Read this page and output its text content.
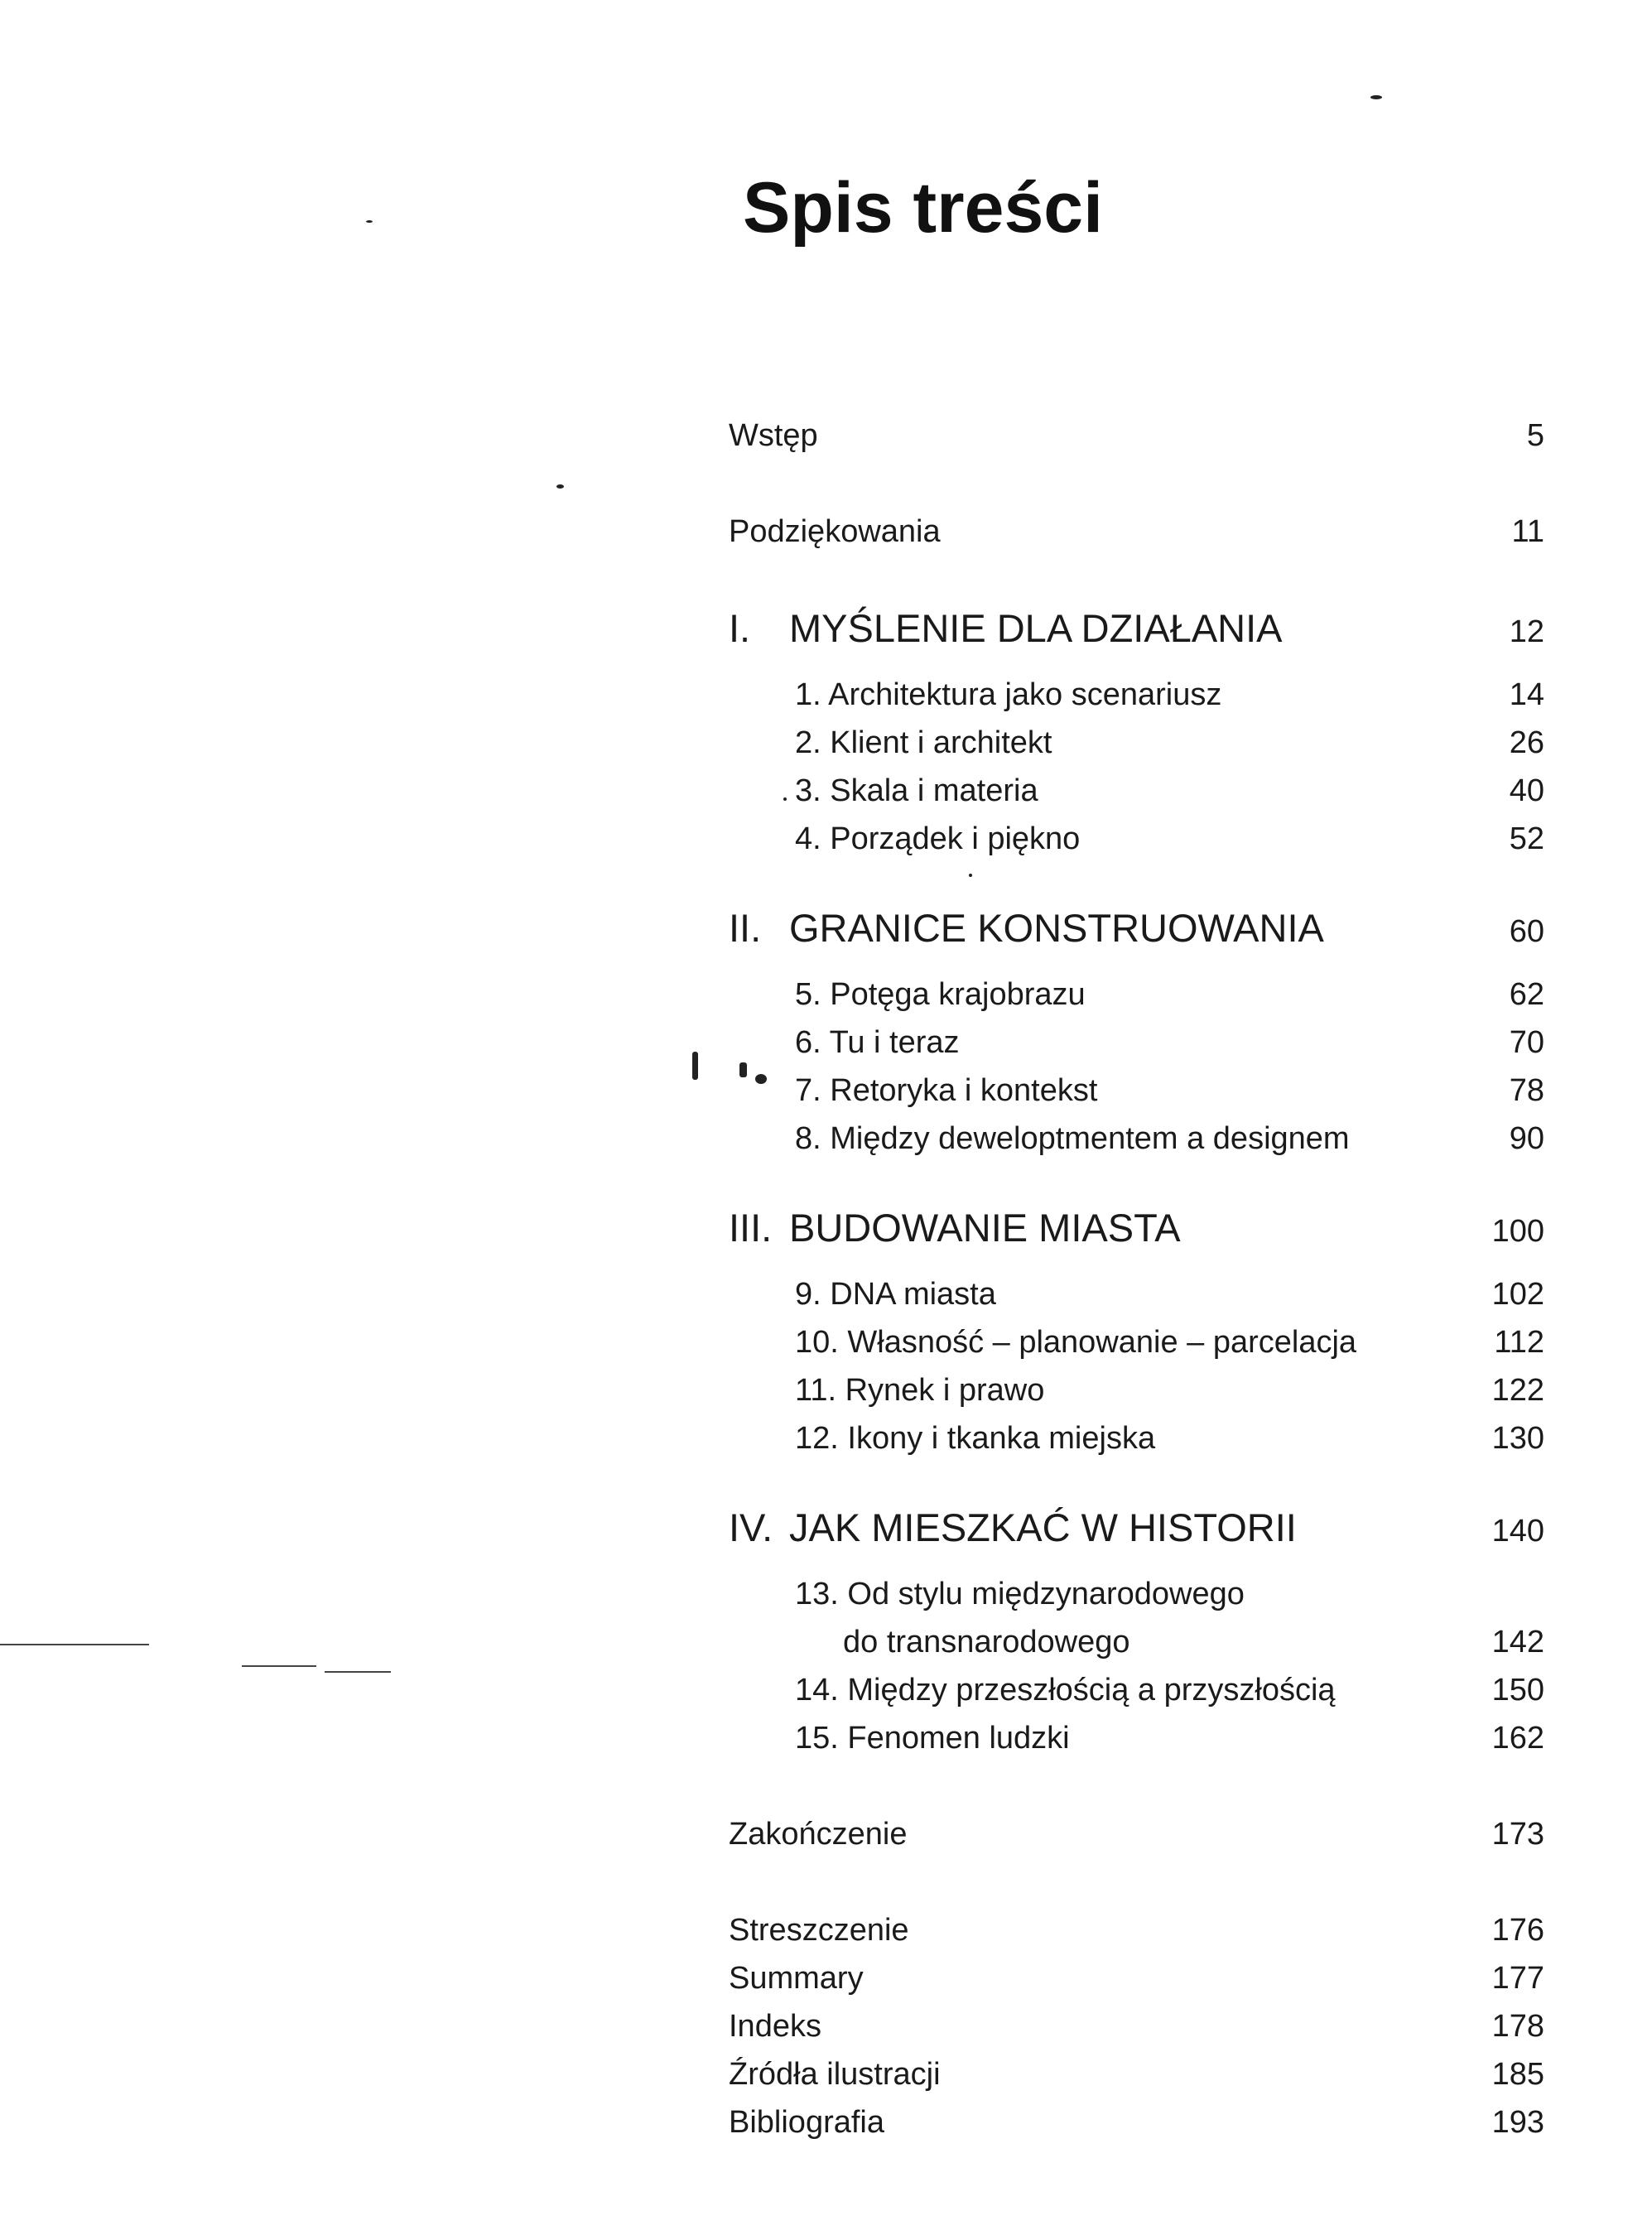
Spis treści
Wstęp	5
Podziękowania	11
I. MYŚLENIE DLA DZIAŁANIA	12
1. Architektura jako scenariusz	14
2. Klient i architekt	26
3. Skala i materia	40
4. Porządek i piękno	52
II. GRANICE KONSTRUOWANIA	60
5. Potęga krajobrazu	62
6. Tu i teraz	70
7. Retoryka i kontekst	78
8. Między deweloptmentem a designem	90
III. BUDOWANIE MIASTA	100
9. DNA miasta	102
10. Własność – planowanie – parcelacja	112
11. Rynek i prawo	122
12. Ikony i tkanka miejska	130
IV. JAK MIESZKAĆ W HISTORII	140
13. Od stylu międzynarodowego
do transnarodowego	142
14. Między przeszłością a przyszłością	150
15. Fenomen ludzki	162
Zakończenie	173
Streszczenie	176
Summary	177
Indeks	178
Źródła ilustracji	185
Bibliografia	193
